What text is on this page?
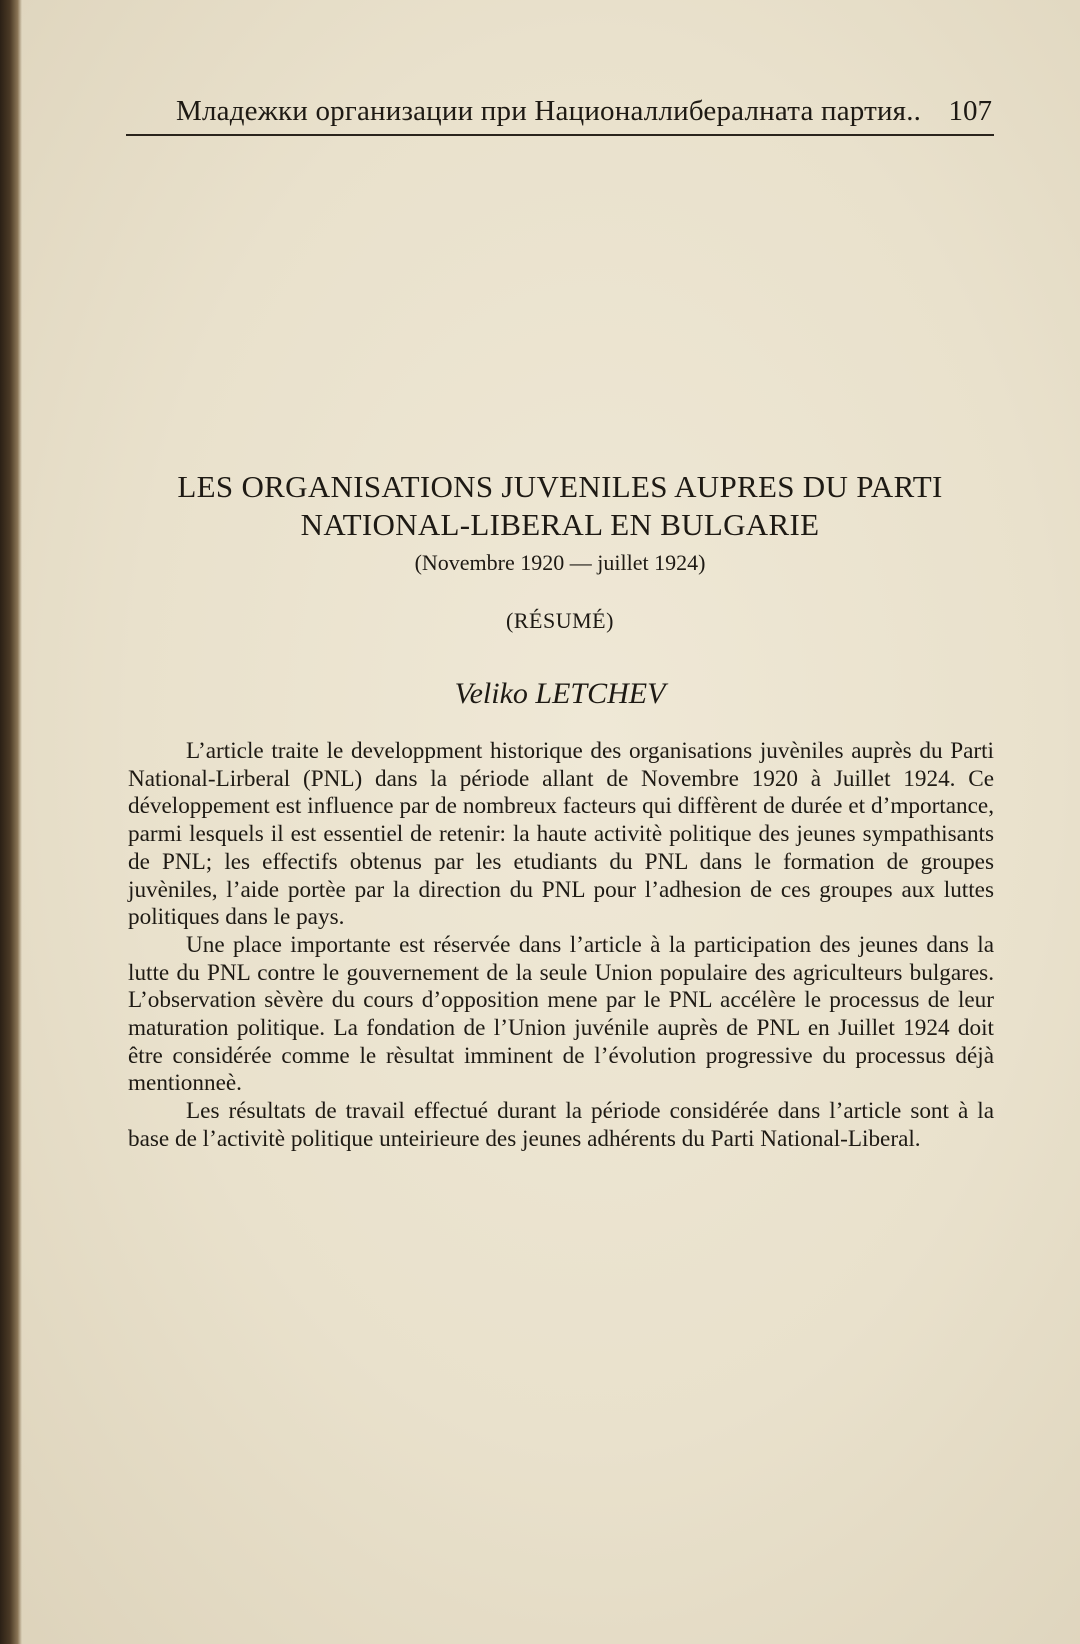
Младежки организации при Националлибералната партия.. 107
LES ORGANISATIONS JUVENILES AUPRES DU PARTI
NATIONAL-LIBERAL EN BULGARIE
(Novembre 1920 — juillet 1924)
(RÉSUMÉ)
Veliko LETCHEV

L’article traite le developpment historique des organisations juvèniles auprès du Parti National-Lirberal (PNL) dans la période allant de Novembre 1920 à Juillet 1924. Ce développement est influence par de nombreux facteurs qui diffèrent de durée et d’mportance, parmi lesquels il est essentiel de retenir: la haute activitè politique des jeunes sympathisants de PNL; les effectifs obtenus par les etudiants du PNL dans le formation de groupes juvèniles, l’aide portèe par la direction du PNL pour l’adhesion de ces groupes aux luttes politiques dans le pays.

Une place importante est réservée dans l’article à la participation des jeunes dans la lutte du PNL contre le gouvernement de la seule Union populaire des agriculteurs bulgares. L’observation sèvère du cours d’opposition mene par le PNL accélère le processus de leur maturation politique. La fondation de l’Union juvénile auprès de PNL en Juillet 1924 doit être considérée comme le rèsultat imminent de l’évolution progressive du processus déjà mentionneè.

Les résultats de travail effectué durant la période considérée dans l’article sont à la base de l’activitè politique unteirieure des jeunes adhérents du Parti National-Liberal.
